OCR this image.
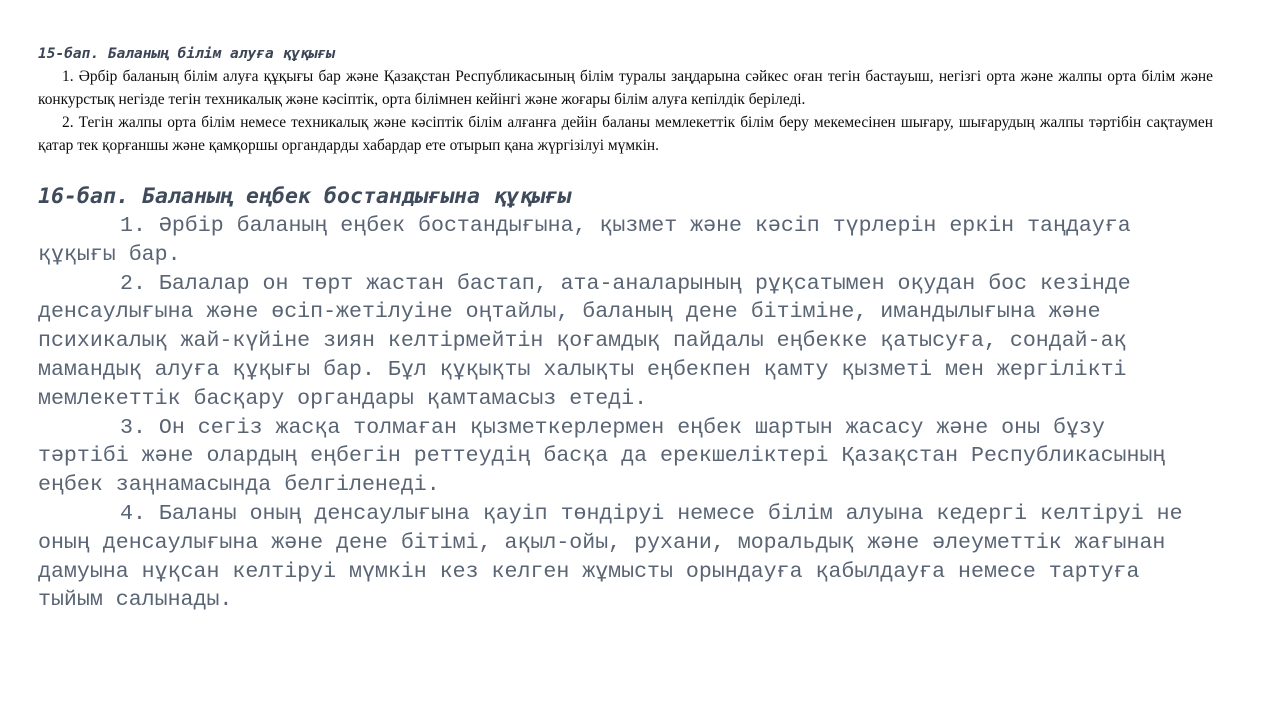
15-бап. Баланың білім алуға құқығы

1. Әрбір баланың білім алуға құқығы бар және Қазақстан Республикасының білім туралы заңдарына сәйкес оған тегін бастауыш, негізгі орта және жалпы орта білім және конкурстық негізде тегін техникалық және кәсіптік, орта білімнен кейінгі және жоғары білім алуға кепілдік беріледі.

2. Тегін жалпы орта білім немесе техникалық және кәсіптік білім алғанға дейін баланы мемлекеттік білім беру мекемесінен шығару, шығарудың жалпы тәртібін сақтаумен қатар тек қорғаншы және қамқоршы органдарды хабардар ете отырып қана жүргізілуі мүмкін.

16-бап. Баланың еңбек бостандығына құқығы

1. Әрбір баланың еңбек бостандығына, қызмет және кәсіп түрлерін еркін таңдауға құқығы бар.

2. Балалар он төрт жастан бастап, ата-аналарының рұқсатымен оқудан бос кезінде денсаулығына және өсіп-жетілуіне оңтайлы, баланың дене бітіміне, имандылығына және психикалық жай-күйіне зиян келтірмейтін қоғамдық пайдалы еңбекке қатысуға, сондай-ақ мамандық алуға құқығы бар. Бұл құқықты халықты еңбекпен қамту қызметі мен жергілікті мемлекеттік басқару органдары қамтамасыз етеді.

3. Он сегіз жасқа толмаған қызметкерлермен еңбек шартын жасасу және оны бұзу тәртібі және олардың еңбегін реттеудің басқа да ерекшеліктері Қазақстан Республикасының еңбек заңнамасында белгіленеді.

4. Баланы оның денсаулығына қауіп төндіруі немесе білім алуына кедергі келтіруі не оның денсаулығына және дене бітімі, ақыл-ойы, рухани, моральдық және әлеуметтік жағынан дамуына нұқсан келтіруі мүмкін кез келген жұмысты орындауға қабылдауға немесе тартуға тыйым салынады.
